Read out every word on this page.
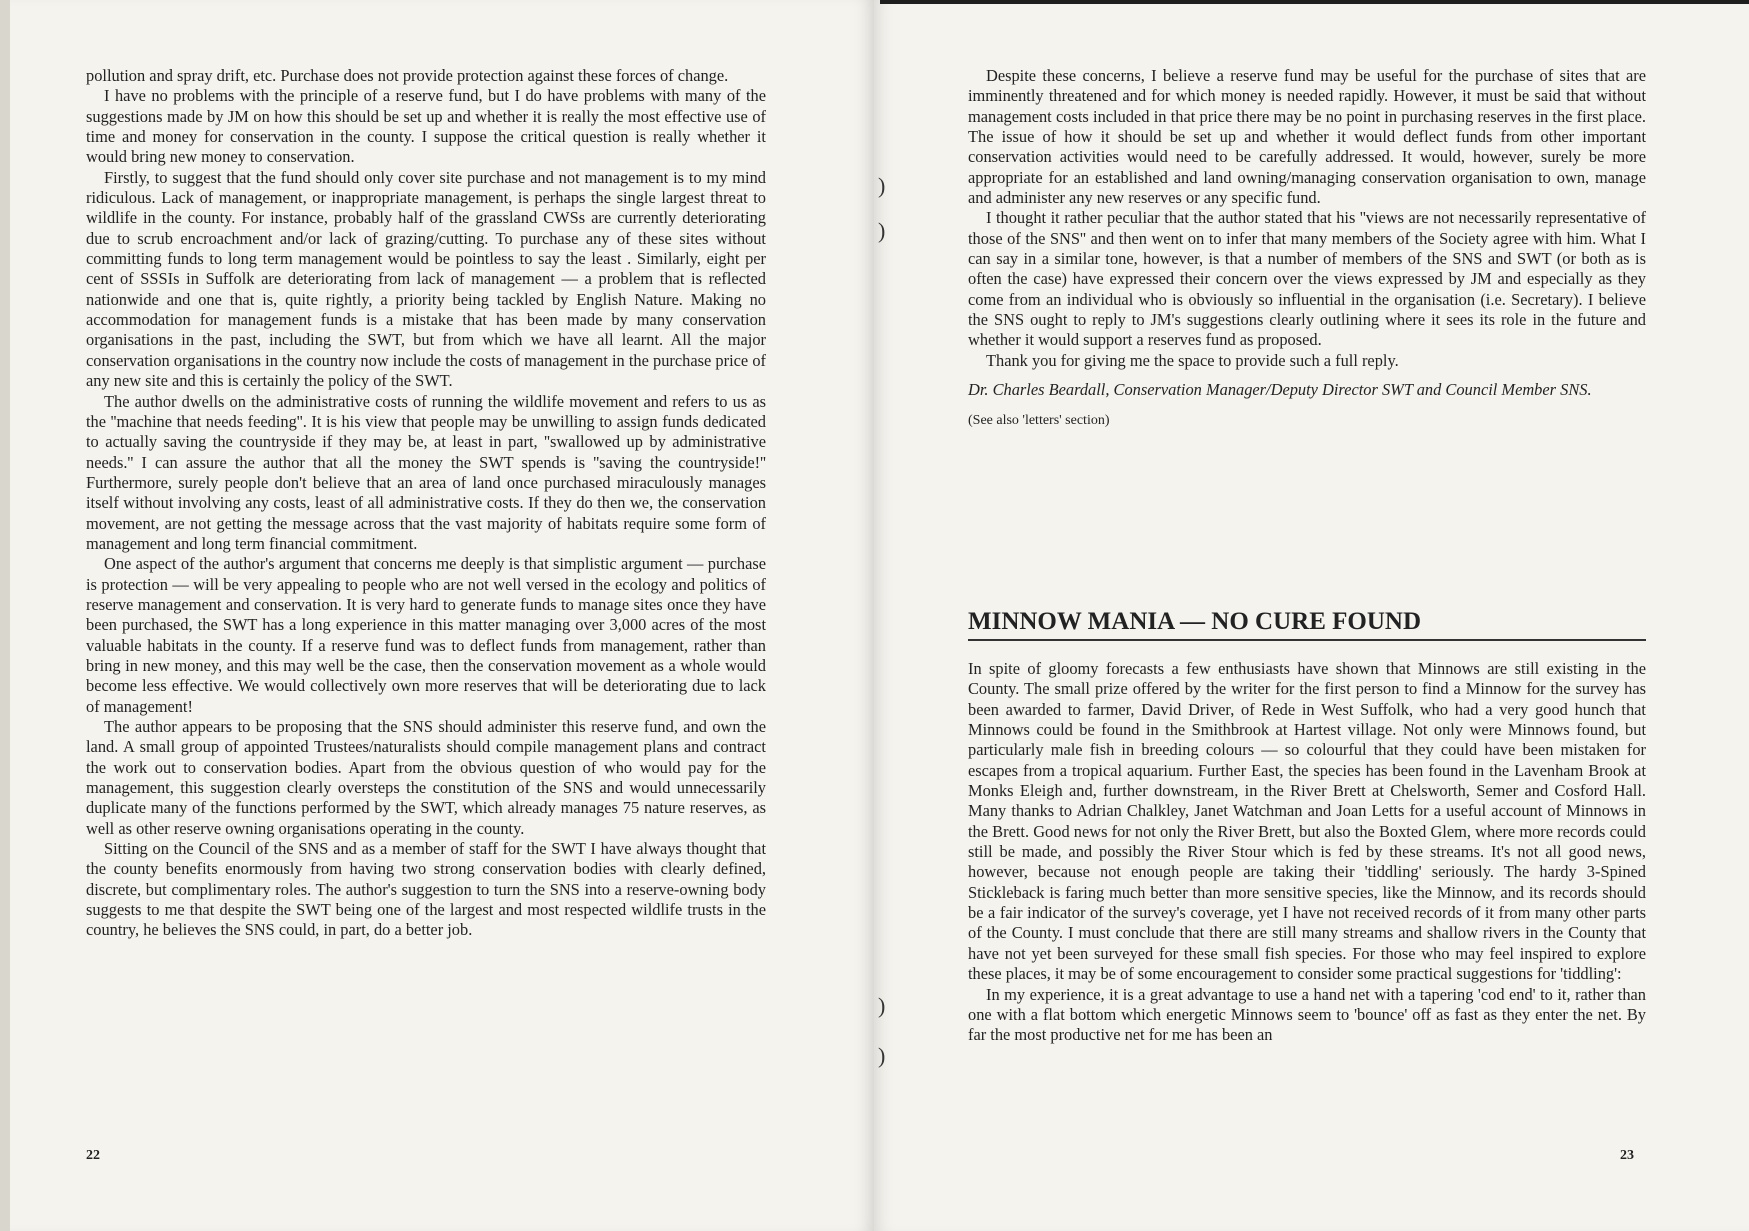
pollution and spray drift, etc. Purchase does not provide protection against these forces of change.

I have no problems with the principle of a reserve fund, but I do have problems with many of the suggestions made by JM on how this should be set up and whether it is really the most effective use of time and money for conservation in the county. I suppose the critical question is really whether it would bring new money to conservation.

Firstly, to suggest that the fund should only cover site purchase and not management is to my mind ridiculous. Lack of management, or inappropriate management, is perhaps the single largest threat to wildlife in the county. For instance, probably half of the grassland CWSs are currently deteriorating due to scrub encroachment and/or lack of grazing/cutting. To purchase any of these sites without committing funds to long term management would be pointless to say the least . Similarly, eight per cent of SSSIs in Suffolk are deteriorating from lack of management — a problem that is reflected nationwide and one that is, quite rightly, a priority being tackled by English Nature. Making no accommodation for management funds is a mistake that has been made by many conservation organisations in the past, including the SWT, but from which we have all learnt. All the major conservation organisations in the country now include the costs of management in the purchase price of any new site and this is certainly the policy of the SWT.

The author dwells on the administrative costs of running the wildlife movement and refers to us as the ''machine that needs feeding''. It is his view that people may be unwilling to assign funds dedicated to actually saving the countryside if they may be, at least in part, ''swallowed up by administrative needs.'' I can assure the author that all the money the SWT spends is ''saving the countryside!'' Furthermore, surely people don't believe that an area of land once purchased miraculously manages itself without involving any costs, least of all administrative costs. If they do then we, the conservation movement, are not getting the message across that the vast majority of habitats require some form of management and long term financial commitment.

One aspect of the author's argument that concerns me deeply is that simplistic argument — purchase is protection — will be very appealing to people who are not well versed in the ecology and politics of reserve management and conservation. It is very hard to generate funds to manage sites once they have been purchased, the SWT has a long experience in this matter managing over 3,000 acres of the most valuable habitats in the county. If a reserve fund was to deflect funds from management, rather than bring in new money, and this may well be the case, then the conservation movement as a whole would become less effective. We would collectively own more reserves that will be deteriorating due to lack of management!

The author appears to be proposing that the SNS should administer this reserve fund, and own the land. A small group of appointed Trustees/naturalists should compile management plans and contract the work out to conservation bodies. Apart from the obvious question of who would pay for the management, this suggestion clearly oversteps the constitution of the SNS and would unnecessarily duplicate many of the functions performed by the SWT, which already manages 75 nature reserves, as well as other reserve owning organisations operating in the county.

Sitting on the Council of the SNS and as a member of staff for the SWT I have always thought that the county benefits enormously from having two strong conservation bodies with clearly defined, discrete, but complimentary roles. The author's suggestion to turn the SNS into a reserve-owning body suggests to me that despite the SWT being one of the largest and most respected wildlife trusts in the country, he believes the SNS could, in part, do a better job.

22
)
)
)
)

Despite these concerns, I believe a reserve fund may be useful for the purchase of sites that are imminently threatened and for which money is needed rapidly. However, it must be said that without management costs included in that price there may be no point in purchasing reserves in the first place. The issue of how it should be set up and whether it would deflect funds from other important conservation activities would need to be carefully addressed. It would, however, surely be more appropriate for an established and land owning/managing conservation organisation to own, manage and administer any new reserves or any specific fund.

I thought it rather peculiar that the author stated that his ''views are not necessarily representative of those of the SNS'' and then went on to infer that many members of the Society agree with him. What I can say in a similar tone, however, is that a number of members of the SNS and SWT (or both as is often the case) have expressed their concern over the views expressed by JM and especially as they come from an individual who is obviously so influential in the organisation (i.e. Secretary). I believe the SNS ought to reply to JM's suggestions clearly outlining where it sees its role in the future and whether it would support a reserves fund as proposed.

Thank you for giving me the space to provide such a full reply.

Dr. Charles Beardall, Conservation Manager/Deputy Director SWT and Council Member SNS.

(See also 'letters' section)

MINNOW MANIA — NO CURE FOUND

In spite of gloomy forecasts a few enthusiasts have shown that Minnows are still existing in the County. The small prize offered by the writer for the first person to find a Minnow for the survey has been awarded to farmer, David Driver, of Rede in West Suffolk, who had a very good hunch that Minnows could be found in the Smithbrook at Hartest village. Not only were Minnows found, but particularly male fish in breeding colours — so colourful that they could have been mistaken for escapes from a tropical aquarium. Further East, the species has been found in the Lavenham Brook at Monks Eleigh and, further downstream, in the River Brett at Chelsworth, Semer and Cosford Hall. Many thanks to Adrian Chalkley, Janet Watchman and Joan Letts for a useful account of Minnows in the Brett. Good news for not only the River Brett, but also the Boxted Glem, where more records could still be made, and possibly the River Stour which is fed by these streams. It's not all good news, however, because not enough people are taking their 'tiddling' seriously. The hardy 3-Spined Stickleback is faring much better than more sensitive species, like the Minnow, and its records should be a fair indicator of the survey's coverage, yet I have not received records of it from many other parts of the County. I must conclude that there are still many streams and shallow rivers in the County that have not yet been surveyed for these small fish species. For those who may feel inspired to explore these places, it may be of some encouragement to consider some practical suggestions for 'tiddling':

In my experience, it is a great advantage to use a hand net with a tapering 'cod end' to it, rather than one with a flat bottom which energetic Minnows seem to 'bounce' off as fast as they enter the net. By far the most productive net for me has been an

23
